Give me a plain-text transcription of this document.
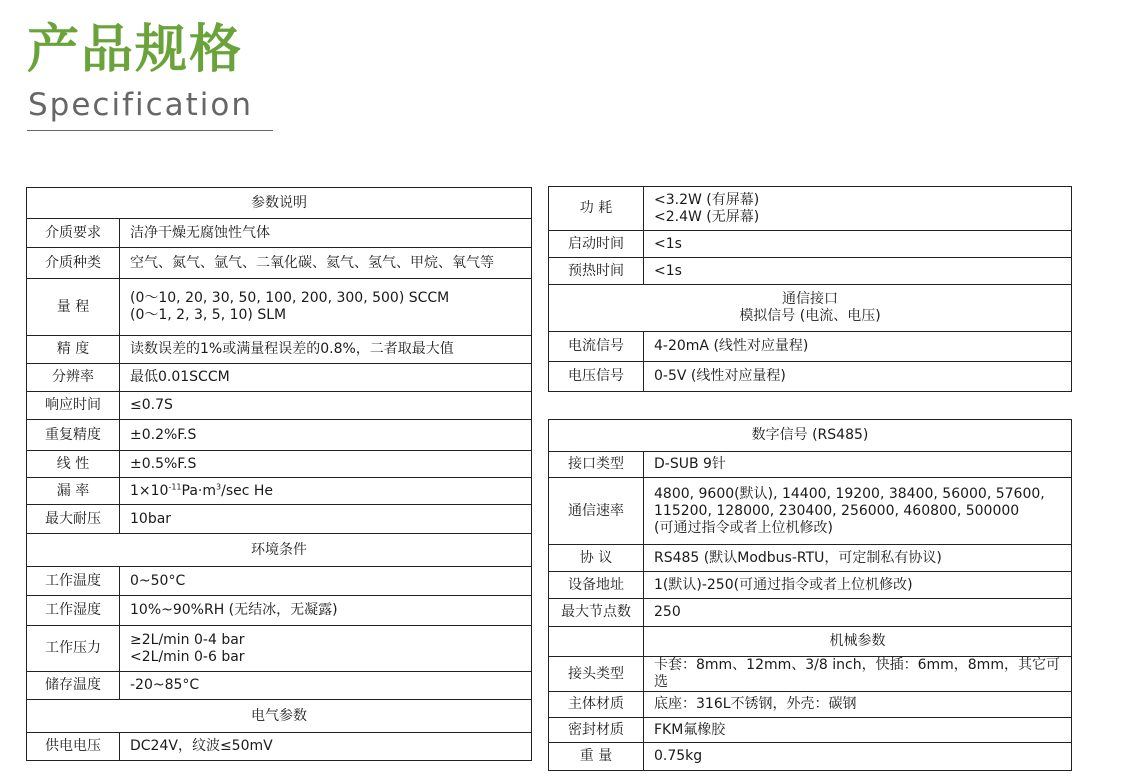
产品规格
Specification
参数说明	
介质要求	洁净干燥无腐蚀性气体
介质种类	空气、氮气、氩气、二氧化碳、氦气、氢气、甲烷、氧气等
量 程	(0～10, 20, 30, 50, 100, 200, 300, 500) SCCM
(0～1, 2, 3, 5, 10) SLM

精 度	读数误差的1%或满量程误差的0.8%，二者取最大值
分辨率	最低0.01SCCM
响应时间	≤0.7S
重复精度	±0.2%F.S
线 性	±0.5%F.S
漏 率	$1\times 10^{-11}Pa\cdot m^3/\sec$ He
最大耐压	10bar
环境条件	
工作温度	0~50°C
工作湿度	10%~90%RH (无结冰，无凝露)
工作压力	≥2L/min 0-4 bar
<2L/min 0-6 bar

储存温度	-20~85°C
电气参数	
供电电压	DC24V，纹波≤50mV
功 耗	<3.2W (有屏幕)
<2.4W (无屏幕)

启动时间	<1s
预热时间	<1s

通信接口
模拟信号 (电流、电压)	

电流信号	4-20mA (线性对应量程)
电压信号	0-5V (线性对应量程)
数字信号 (RS485)	
接口类型	D-SUB 9针
通信速率	4800, 9600(默认), 14400, 19200, 38400, 56000, 57600,
115200, 128000, 230400, 256000, 460800, 500000
(可通过指令或者上位机修改)

协 议	RS485 (默认Modbus-RTU，可定制私有协议)
设备地址	1(默认)-250(可通过指令或者上位机修改)
最大节点数	250
	机械参数
接头类型	卡套：8mm、12mm、3/8 inch，快插：6mm，8mm，其它可选
主体材质	底座：316L不锈钢，外壳：碳钢
密封材质	FKM氟橡胶
重 量	0.75kg
